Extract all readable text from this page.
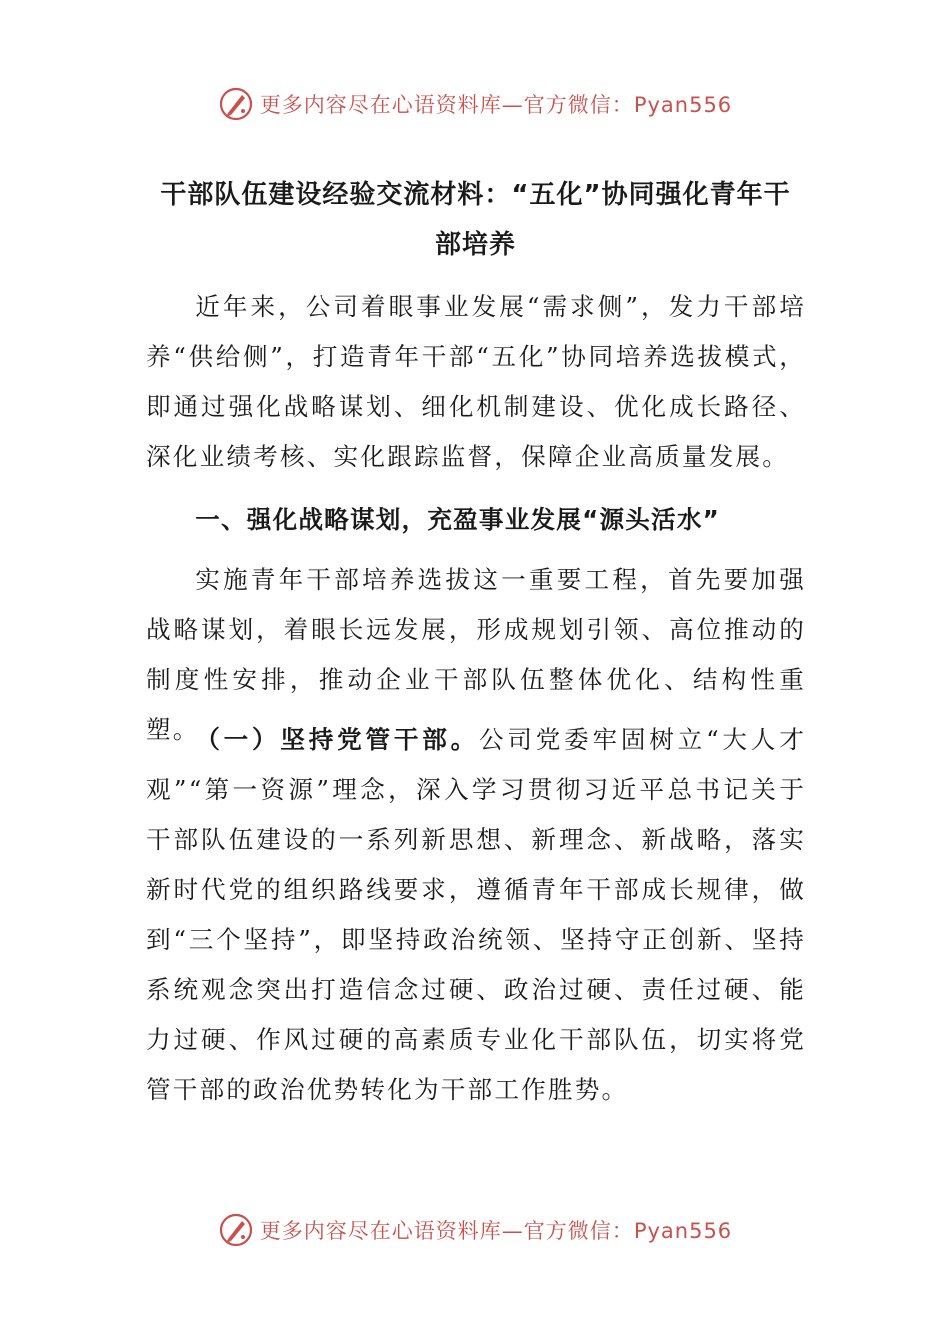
更多内容尽在心语资料库—官方微信：Pyan556
干部队伍建设经验交流材料：“五化”协同强化青年干部培养

近年来，公司着眼事业发展“需求侧”，发力干部培养“供给侧”，打造青年干部“五化”协同培养选拔模式，即通过强化战略谋划、细化机制建设、优化成长路径、深化业绩考核、实化跟踪监督，保障企业高质量发展。

一、强化战略谋划，充盈事业发展“源头活水”

实施青年干部培养选拔这一重要工程，首先要加强战略谋划，着眼长远发展，形成规划引领、高位推动的制度性安排，推动企业干部队伍整体优化、结构性重塑。

（一）坚持党管干部。公司党委牢固树立“大人才观”“第一资源”理念，深入学习贯彻习近平总书记关于干部队伍建设的一系列新思想、新理念、新战略，落实新时代党的组织路线要求，遵循青年干部成长规律，做到“三个坚持”，即坚持政治统领、坚持守正创新、坚持系统观念突出打造信念过硬、政治过硬、责任过硬、能力过硬、作风过硬的高素质专业化干部队伍，切实将党管干部的政治优势转化为干部工作胜势。

更多内容尽在心语资料库—官方微信：Pyan556
